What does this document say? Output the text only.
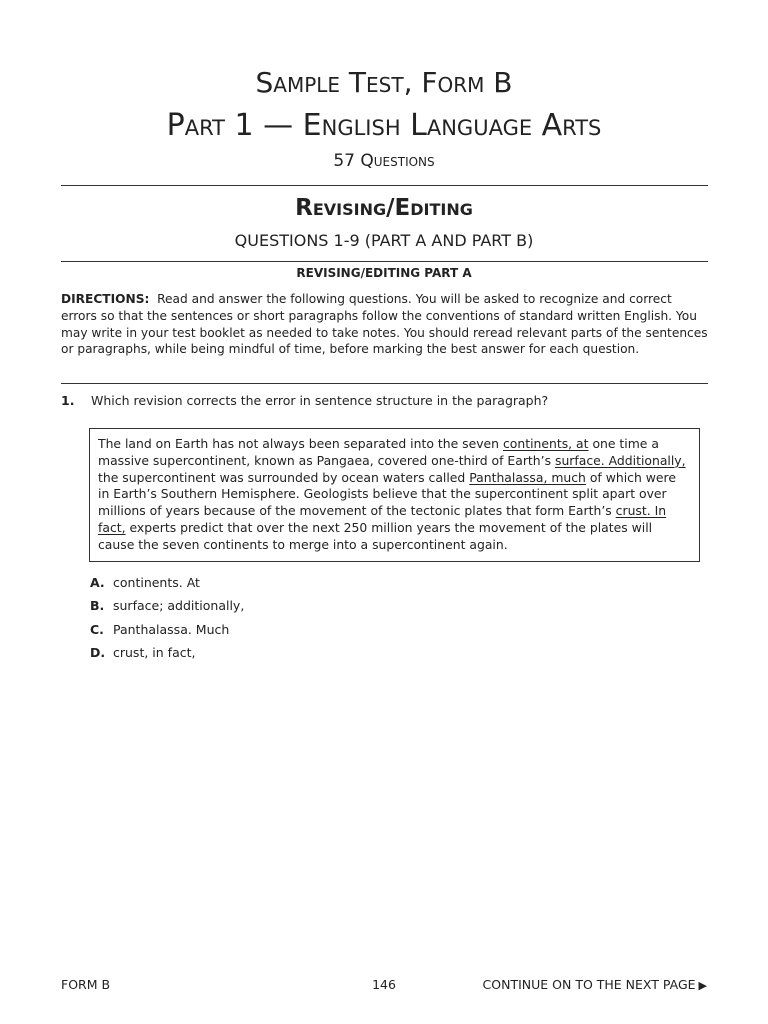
Sample Test, Form B
Part 1 — English Language Arts
57 Questions
Revising/Editing
QUESTIONS 1-9 (PART A AND PART B)
REVISING/EDITING PART A
DIRECTIONS: Read and answer the following questions. You will be asked to recognize and correct errors so that the sentences or short paragraphs follow the conventions of standard written English. You may write in your test booklet as needed to take notes. You should reread relevant parts of the sentences or paragraphs, while being mindful of time, before marking the best answer for each question.
1. Which revision corrects the error in sentence structure in the paragraph?
The land on Earth has not always been separated into the seven continents, at one time a massive supercontinent, known as Pangaea, covered one-third of Earth’s surface. Additionally, the supercontinent was surrounded by ocean waters called Panthalassa, much of which were in Earth’s Southern Hemisphere. Geologists believe that the supercontinent split apart over millions of years because of the movement of the tectonic plates that form Earth’s crust. In fact, experts predict that over the next 250 million years the movement of the plates will cause the seven continents to merge into a supercontinent again.
A. continents. At
B. surface; additionally,
C. Panthalassa. Much
D. crust, in fact,
FORM B	146	CONTINUE ON TO THE NEXT PAGE ▶
